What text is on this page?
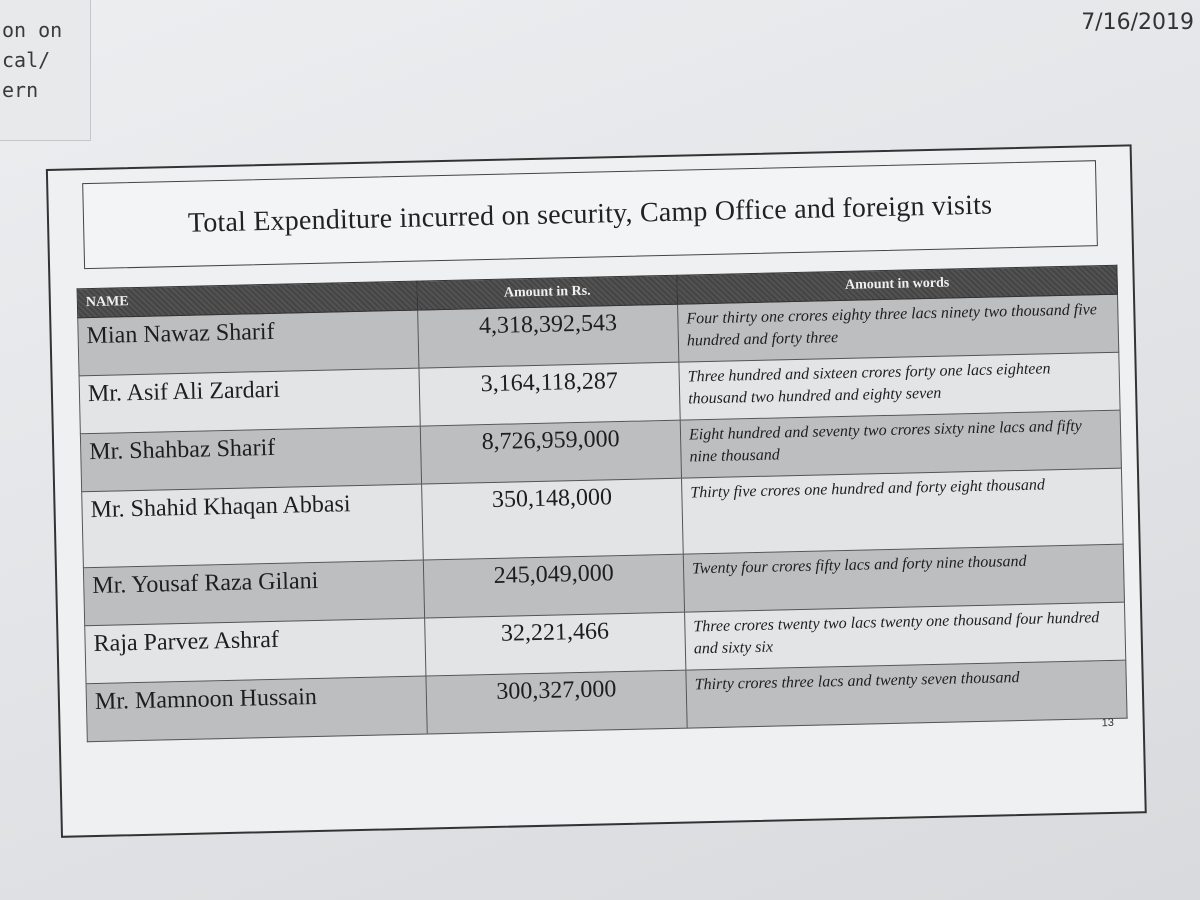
on on
cal/
ern
7/16/2019
Total Expenditure incurred on security, Camp Office and foreign visits
NAME	Amount in Rs.	Amount in words
Mian Nawaz Sharif	4,318,392,543	Four thirty one crores eighty three lacs ninety two thousand five hundred and forty three
Mr. Asif Ali Zardari	3,164,118,287	Three hundred and sixteen crores forty one lacs eighteen thousand two hundred and eighty seven
Mr. Shahbaz Sharif	8,726,959,000	Eight hundred and seventy two crores sixty nine lacs and fifty nine thousand
Mr. Shahid Khaqan Abbasi	350,148,000	Thirty five crores one hundred and forty eight thousand
Mr. Yousaf Raza Gilani	245,049,000	Twenty four crores fifty lacs and forty nine thousand
Raja Parvez Ashraf	32,221,466	Three crores twenty two lacs twenty one thousand four hundred and sixty six
Mr. Mamnoon Hussain	300,327,000	Thirty crores three lacs and twenty seven thousand
13
